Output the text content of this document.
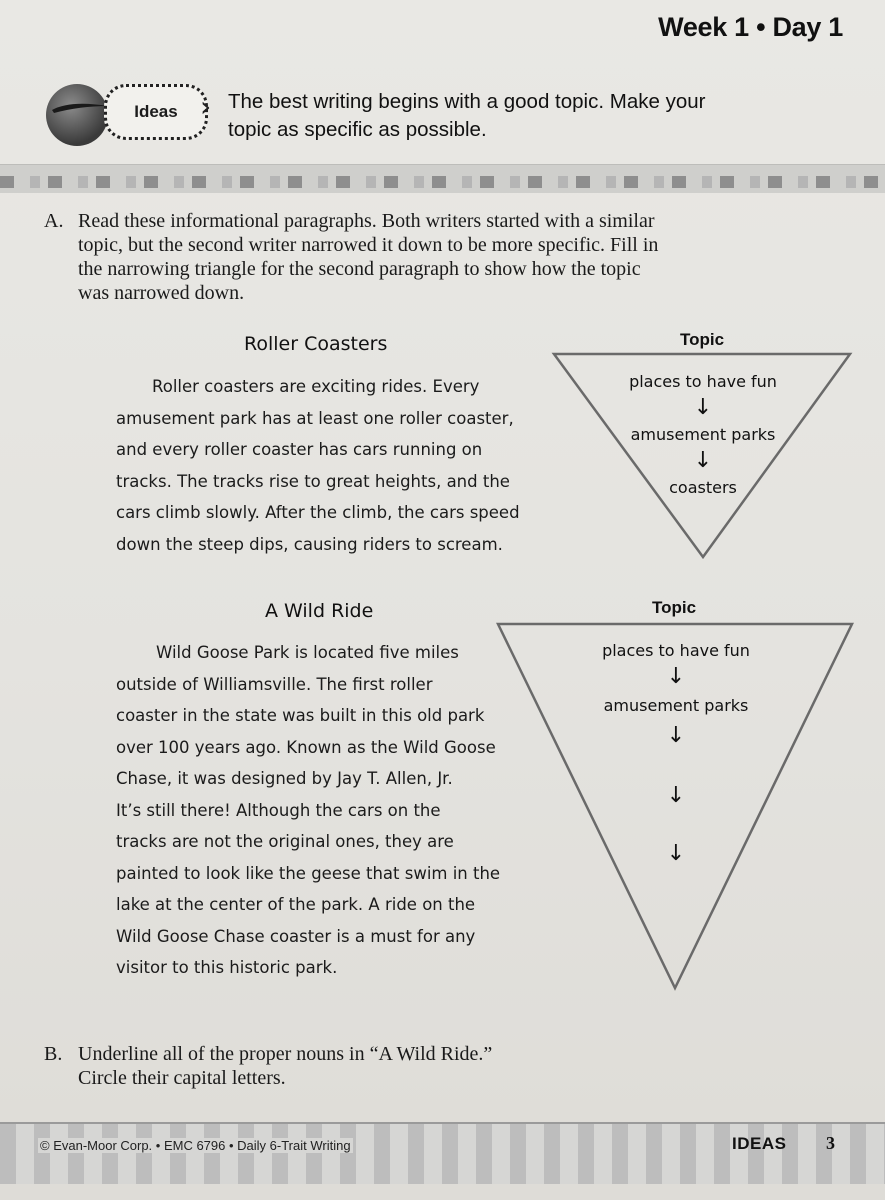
Week 1 • Day 1
Ideas › The best writing begins with a good topic. Make your
topic as specific as possible.
A. Read these informational paragraphs. Both writers started with a similar
topic, but the second writer narrowed it down to be more specific. Fill in
the narrowing triangle for the second paragraph to show how the topic
was narrowed down.
Roller Coasters
Roller coasters are exciting rides. Every
amusement park has at least one roller coaster,
and every roller coaster has cars running on
tracks. The tracks rise to great heights, and the
cars climb slowly. After the climb, the cars speed
down the steep dips, causing riders to scream.
Topic
places to have fun
↓
amusement parks
↓
coasters
A Wild Ride
Wild Goose Park is located five miles
outside of Williamsville. The first roller
coaster in the state was built in this old park
over 100 years ago. Known as the Wild Goose
Chase, it was designed by Jay T. Allen, Jr.
It’s still there! Although the cars on the
tracks are not the original ones, they are
painted to look like the geese that swim in the
lake at the center of the park. A ride on the
Wild Goose Chase coaster is a must for any
visitor to this historic park.
Topic
places to have fun
↓
amusement parks
↓
↓
↓
B. Underline all of the proper nouns in “A Wild Ride.”
Circle their capital letters.
© Evan-Moor Corp. • EMC 6796 • Daily 6-Trait Writing	IDEAS 3
